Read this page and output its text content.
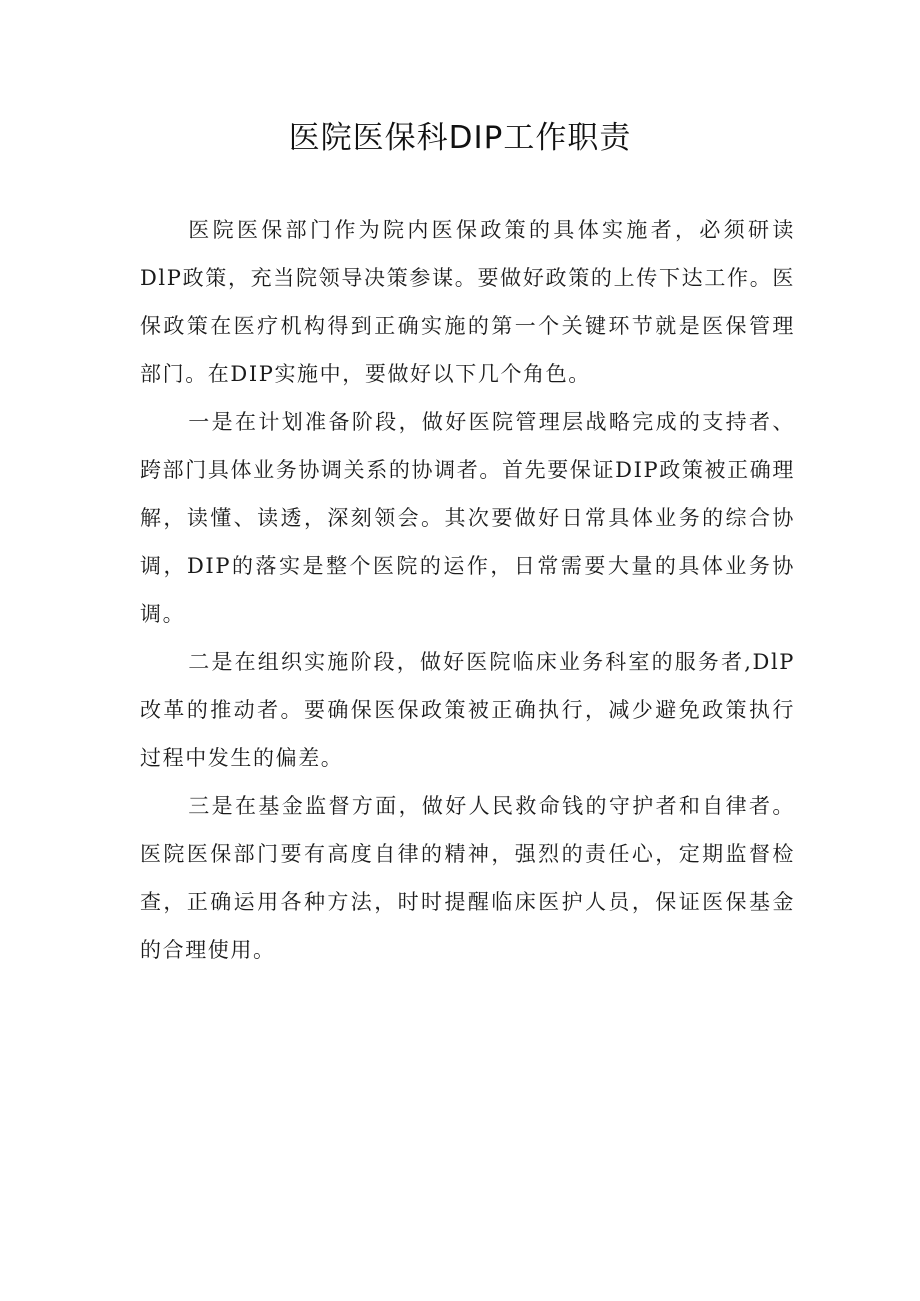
医院医保科DIP工作职责

医院医保部门作为院内医保政策的具体实施者，必须研读DlP政策，充当院领导决策参谋。要做好政策的上传下达工作。医保政策在医疗机构得到正确实施的第一个关键环节就是医保管理部门。在DIP实施中，要做好以下几个角色。

一是在计划准备阶段，做好医院管理层战略完成的支持者、跨部门具体业务协调关系的协调者。首先要保证DIP政策被正确理解，读懂、读透，深刻领会。其次要做好日常具体业务的综合协调，DIP的落实是整个医院的运作，日常需要大量的具体业务协调。

二是在组织实施阶段，做好医院临床业务科室的服务者,DlP改革的推动者。要确保医保政策被正确执行，减少避免政策执行过程中发生的偏差。

三是在基金监督方面，做好人民救命钱的守护者和自律者。医院医保部门要有高度自律的精神，强烈的责任心，定期监督检查，正确运用各种方法，时时提醒临床医护人员，保证医保基金的合理使用。
